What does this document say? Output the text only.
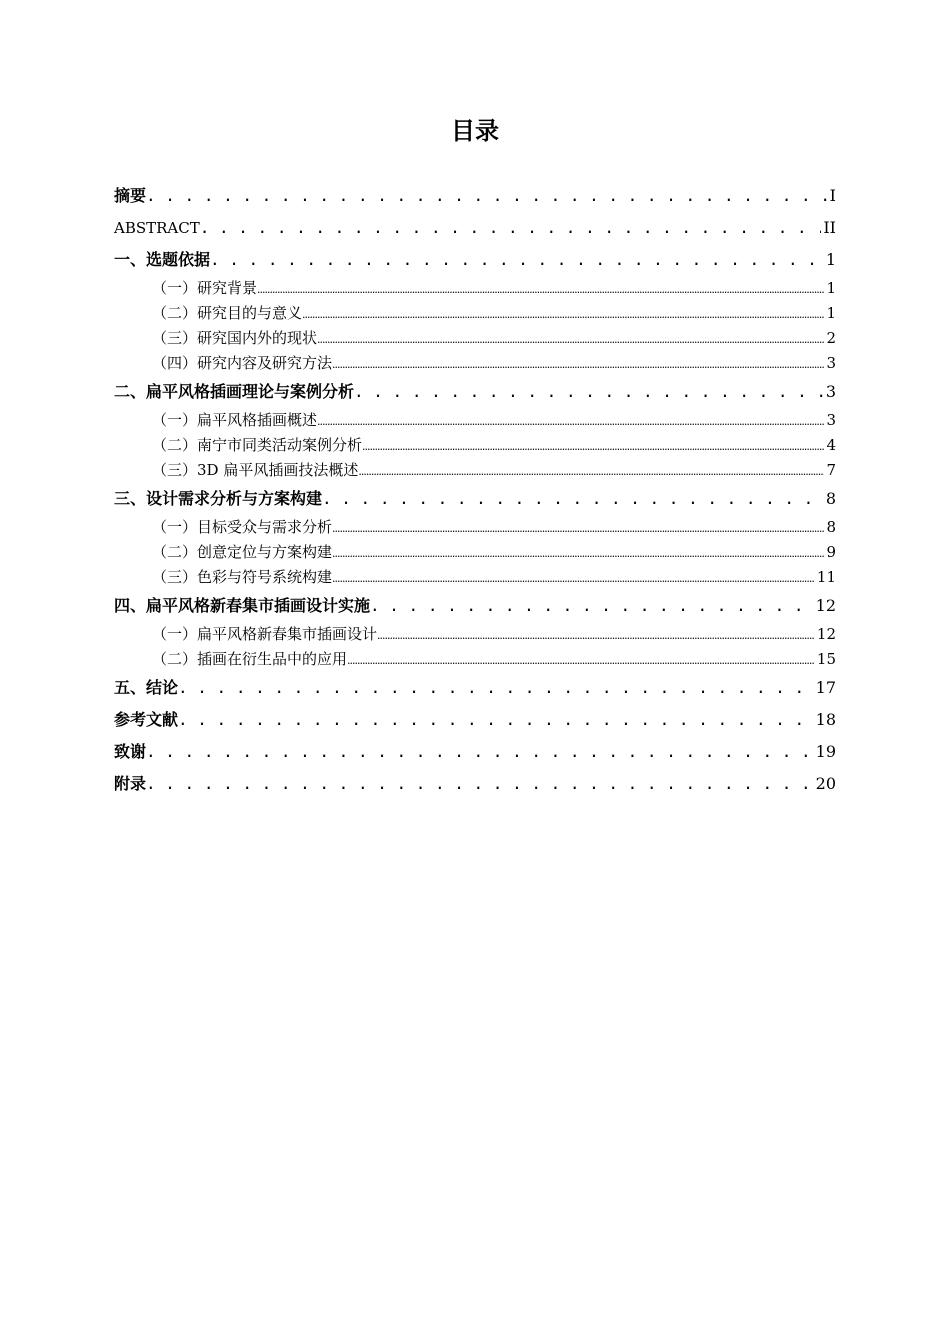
目录
摘要 . . .	I
ABSTRACT . . .	II
一、选题依据 . . .	1
（一）研究背景 .....	1
（二）研究目的与意义 .....	1
（三）研究国内外的现状 .....	2
（四）研究内容及研究方法 .....	3
二、扁平风格插画理论与案例分析 . . .	3
（一）扁平风格插画概述 .....	3
（二）南宁市同类活动案例分析 .....	4
（三）3D 扁平风插画技法概述 .....	7
三、设计需求分析与方案构建 . . .	8
（一）目标受众与需求分析 .....	8
（二）创意定位与方案构建 .....	9
（三）色彩与符号系统构建 .....	11
四、扁平风格新春集市插画设计实施 . . .	12
（一）扁平风格新春集市插画设计 .....	12
（二）插画在衍生品中的应用 .....	15
五、结论 . . .	17
参考文献 . . .	18
致谢 . . .	19
附录 . . .	20
